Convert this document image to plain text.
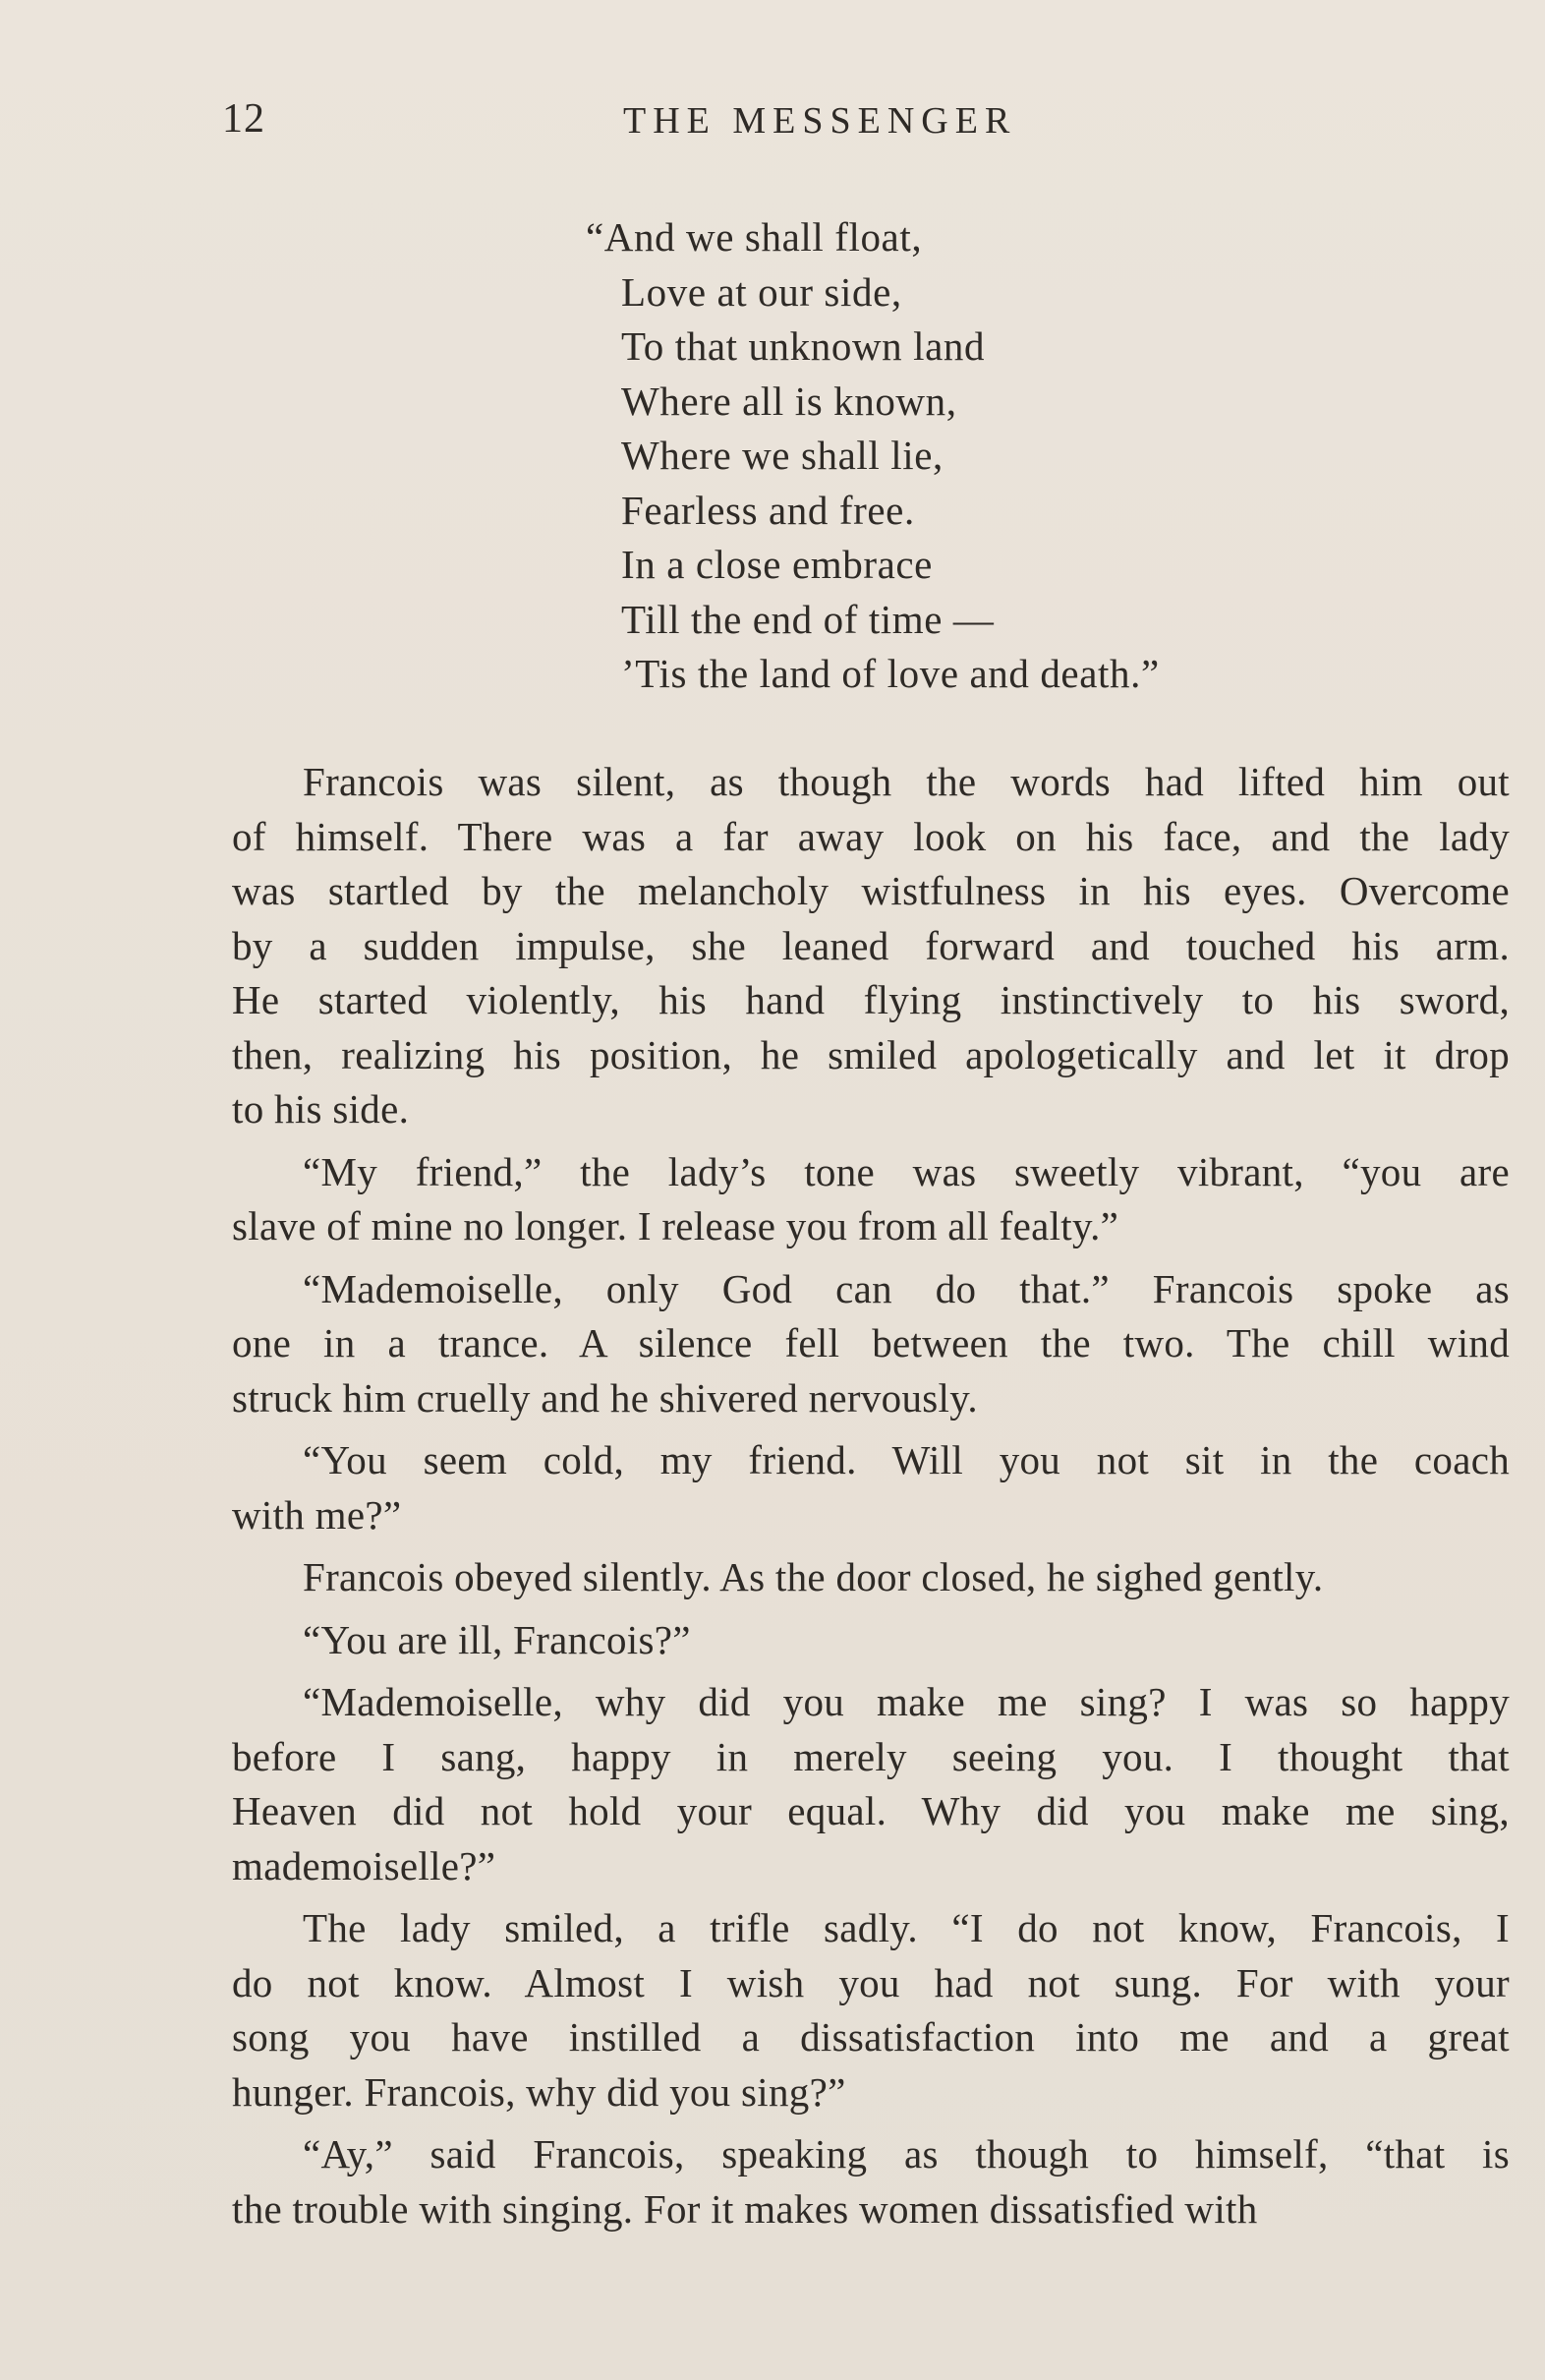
12	THE MESSENGER
“And we shall float,
Love at our side,
To that unknown land
Where all is known,
Where we shall lie,
Fearless and free.
In a close embrace
Till the end of time —
’Tis the land of love and death.”
Francois was silent, as though the words had lifted him out
of himself. There was a far away look on his face, and the lady
was startled by the melancholy wistfulness in his eyes. Overcome
by a sudden impulse, she leaned forward and touched his arm.
He started violently, his hand flying instinctively to his sword,
then, realizing his position, he smiled apologetically and let it drop
to his side.
“My friend,” the lady’s tone was sweetly vibrant, “you are
slave of mine no longer. I release you from all fealty.”
“Mademoiselle, only God can do that.” Francois spoke as
one in a trance. A silence fell between the two. The chill wind
struck him cruelly and he shivered nervously.
“You seem cold, my friend. Will you not sit in the coach
with me?”
Francois obeyed silently. As the door closed, he sighed gently.
“You are ill, Francois?”
“Mademoiselle, why did you make me sing? I was so happy
before I sang, happy in merely seeing you. I thought that
Heaven did not hold your equal. Why did you make me sing,
mademoiselle?”
The lady smiled, a trifle sadly. “I do not know, Francois, I
do not know. Almost I wish you had not sung. For with your
song you have instilled a dissatisfaction into me and a great
hunger. Francois, why did you sing?”
“Ay,” said Francois, speaking as though to himself, “that is
the trouble with singing. For it makes women dissatisfied with
